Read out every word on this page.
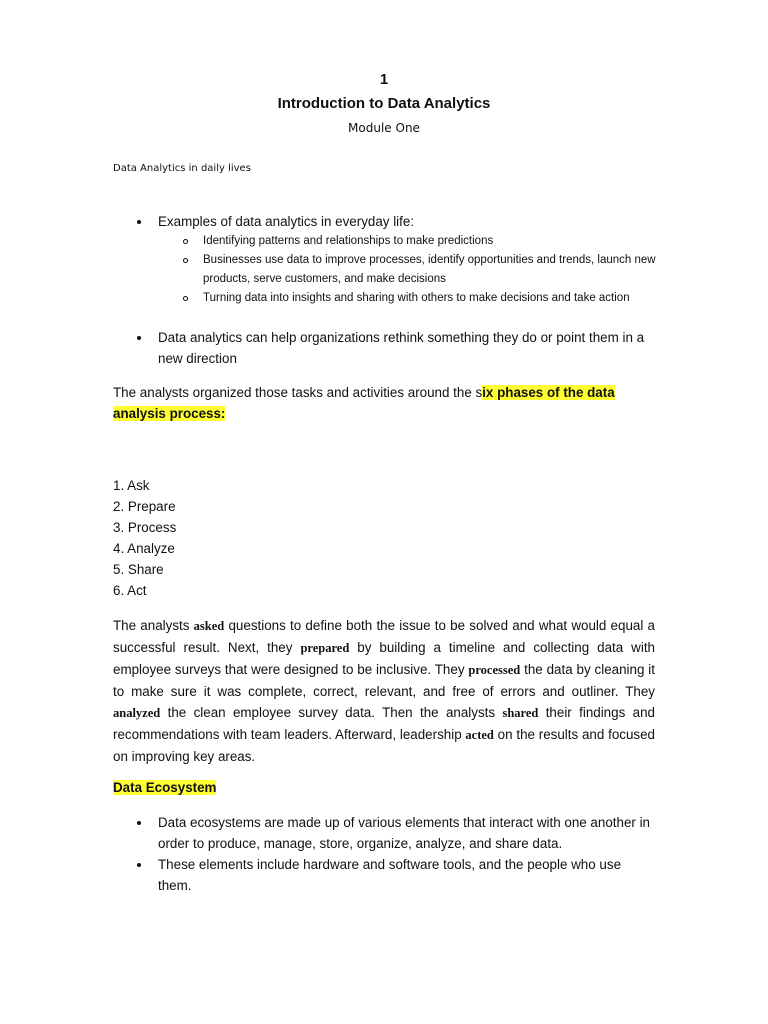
1
Introduction to Data Analytics
Module One
Data Analytics in daily lives
Examples of data analytics in everyday life:
Identifying patterns and relationships to make predictions
Businesses use data to improve processes, identify opportunities and trends, launch new products, serve customers, and make decisions
Turning data into insights and sharing with others to make decisions and take action
Data analytics can help organizations rethink something they do or point them in a new direction
The analysts organized those tasks and activities around the six phases of the data analysis process:
1. Ask
2. Prepare
3. Process
4. Analyze
5. Share
6. Act
The analysts asked questions to define both the issue to be solved and what would equal a successful result. Next, they prepared by building a timeline and collecting data with employee surveys that were designed to be inclusive. They processed the data by cleaning it to make sure it was complete, correct, relevant, and free of errors and outliner. They analyzed the clean employee survey data. Then the analysts shared their findings and recommendations with team leaders. Afterward, leadership acted on the results and focused on improving key areas.
Data Ecosystem
Data ecosystems are made up of various elements that interact with one another in order to produce, manage, store, organize, analyze, and share data.
These elements include hardware and software tools, and the people who use them.
